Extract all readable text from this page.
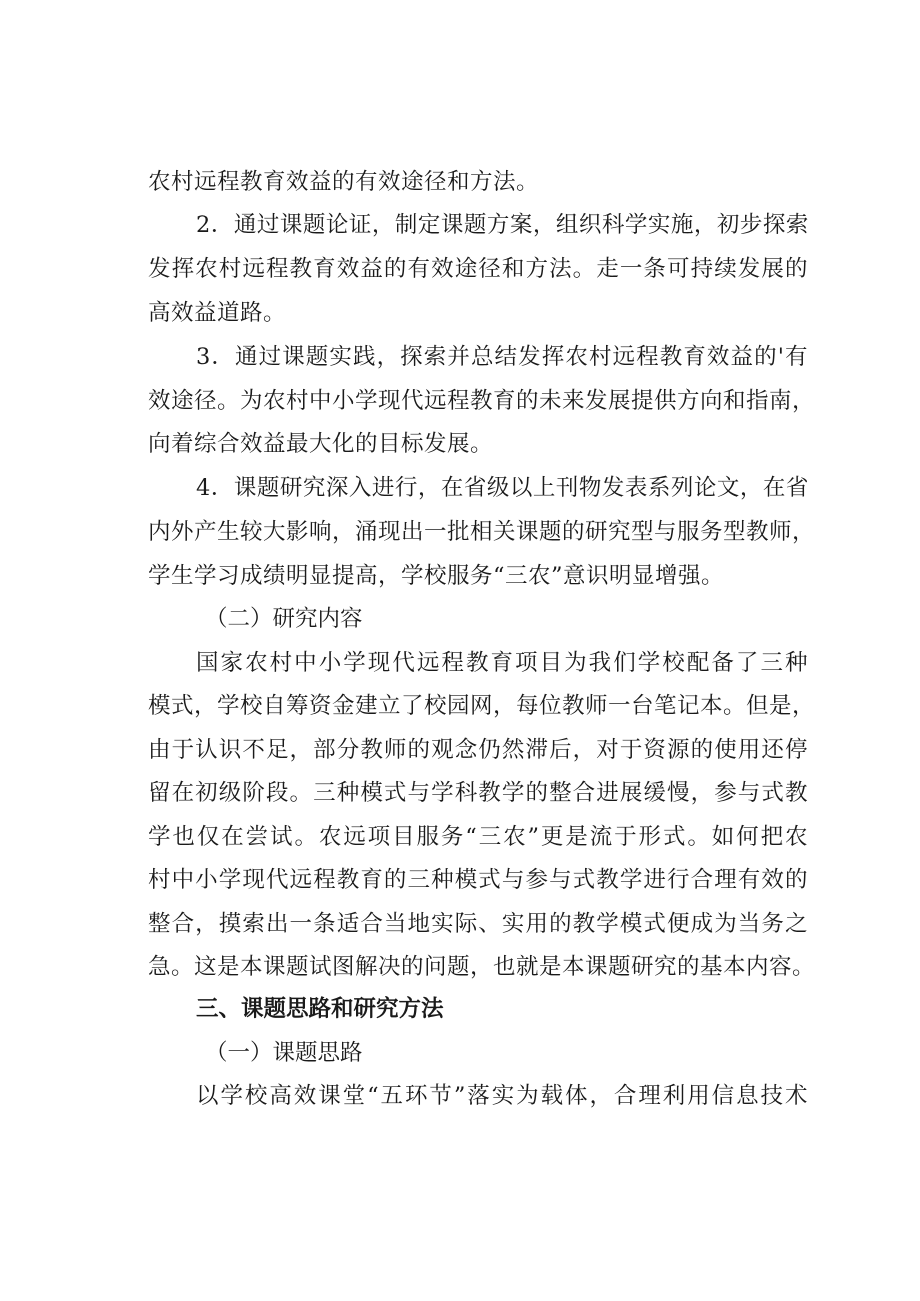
农村远程教育效益的有效途径和方法。
2．通过课题论证，制定课题方案，组织科学实施，初步探索
发挥农村远程教育效益的有效途径和方法。走一条可持续发展的
高效益道路。
3．通过课题实践，探索并总结发挥农村远程教育效益的'有
效途径。为农村中小学现代远程教育的未来发展提供方向和指南，
向着综合效益最大化的目标发展。
4．课题研究深入进行，在省级以上刊物发表系列论文，在省
内外产生较大影响，涌现出一批相关课题的研究型与服务型教师，
学生学习成绩明显提高，学校服务“三农”意识明显增强。
（二）研究内容
国家农村中小学现代远程教育项目为我们学校配备了三种
模式，学校自筹资金建立了校园网，每位教师一台笔记本。但是，
由于认识不足，部分教师的观念仍然滞后，对于资源的使用还停
留在初级阶段。三种模式与学科教学的整合进展缓慢，参与式教
学也仅在尝试。农远项目服务“三农”更是流于形式。如何把农
村中小学现代远程教育的三种模式与参与式教学进行合理有效的
整合，摸索出一条适合当地实际、实用的教学模式便成为当务之
急。这是本课题试图解决的问题，也就是本课题研究的基本内容。
三、课题思路和研究方法
（一）课题思路
以学校高效课堂“五环节”落实为载体，合理利用信息技术
